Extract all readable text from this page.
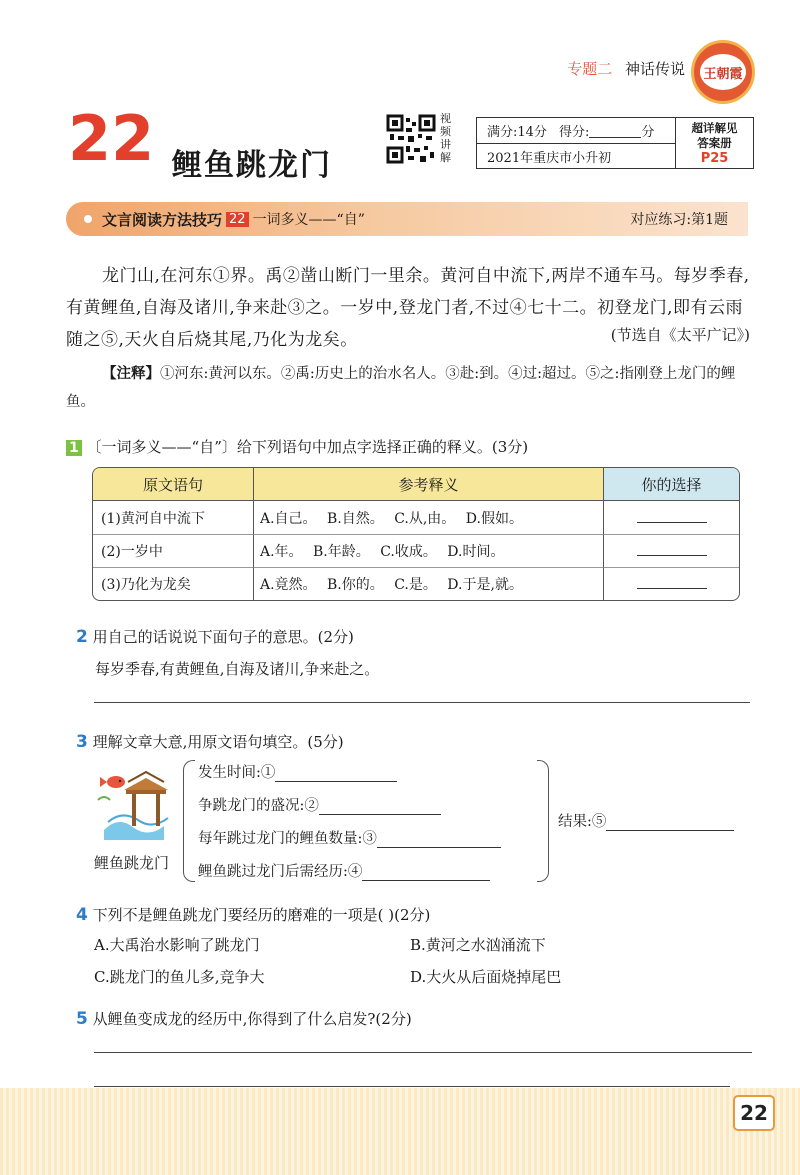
专题二 神话传说 王朝霞
22 鲤鱼跳龙门
视频讲解
满分:14分 得分:	分
2021年重庆市小升初
超详解见
答案册
P25
文言阅读方法技巧 22 一词多义——“自”	对应练习:第1题
龙门山,在河东①界。禹②凿山断门一里余。黄河自中流下,两岸不通车马。每岁季春,有黄鲤鱼,自海及诸川,争来赴③之。一岁中,登龙门者,不过④七十二。初登龙门,即有云雨随之⑤,天火自后烧其尾,乃化为龙矣。	(节选自《太平广记》)
【注释】①河东:黄河以东。②禹:历史上的治水名人。③赴:到。④过:超过。⑤之:指刚登上龙门的鲤鱼。
1 〔一词多义——“自”〕给下列语句中加点字选择正确的释义。(3分)
原文语句	参考释义	你的选择
(1)黄河自中流下	A.自己。 B.自然。 C.从,由。 D.假如。	
(2)一岁中	A.年。 B.年龄。 C.收成。 D.时间。	
(3)乃化为龙矣	A.竟然。 B.你的。 C.是。 D.于是,就。	
2 用自己的话说说下面句子的意思。(2分)
每岁季春,有黄鲤鱼,自海及诸川,争来赴之。
3 理解文章大意,用原文语句填空。(5分)
鲤鱼跳龙门
发生时间:①
争跳龙门的盛况:②
每年跳过龙门的鲤鱼数量:③
鲤鱼跳过龙门后需经历:④
结果:⑤
4 下列不是鲤鱼跳龙门要经历的磨难的一项是( )(2分)
A.大禹治水影响了跳龙门	B.黄河之水汹涌流下
C.跳龙门的鱼儿多,竞争大	D.大火从后面烧掉尾巴
5 从鲤鱼变成龙的经历中,你得到了什么启发?(2分)
22
